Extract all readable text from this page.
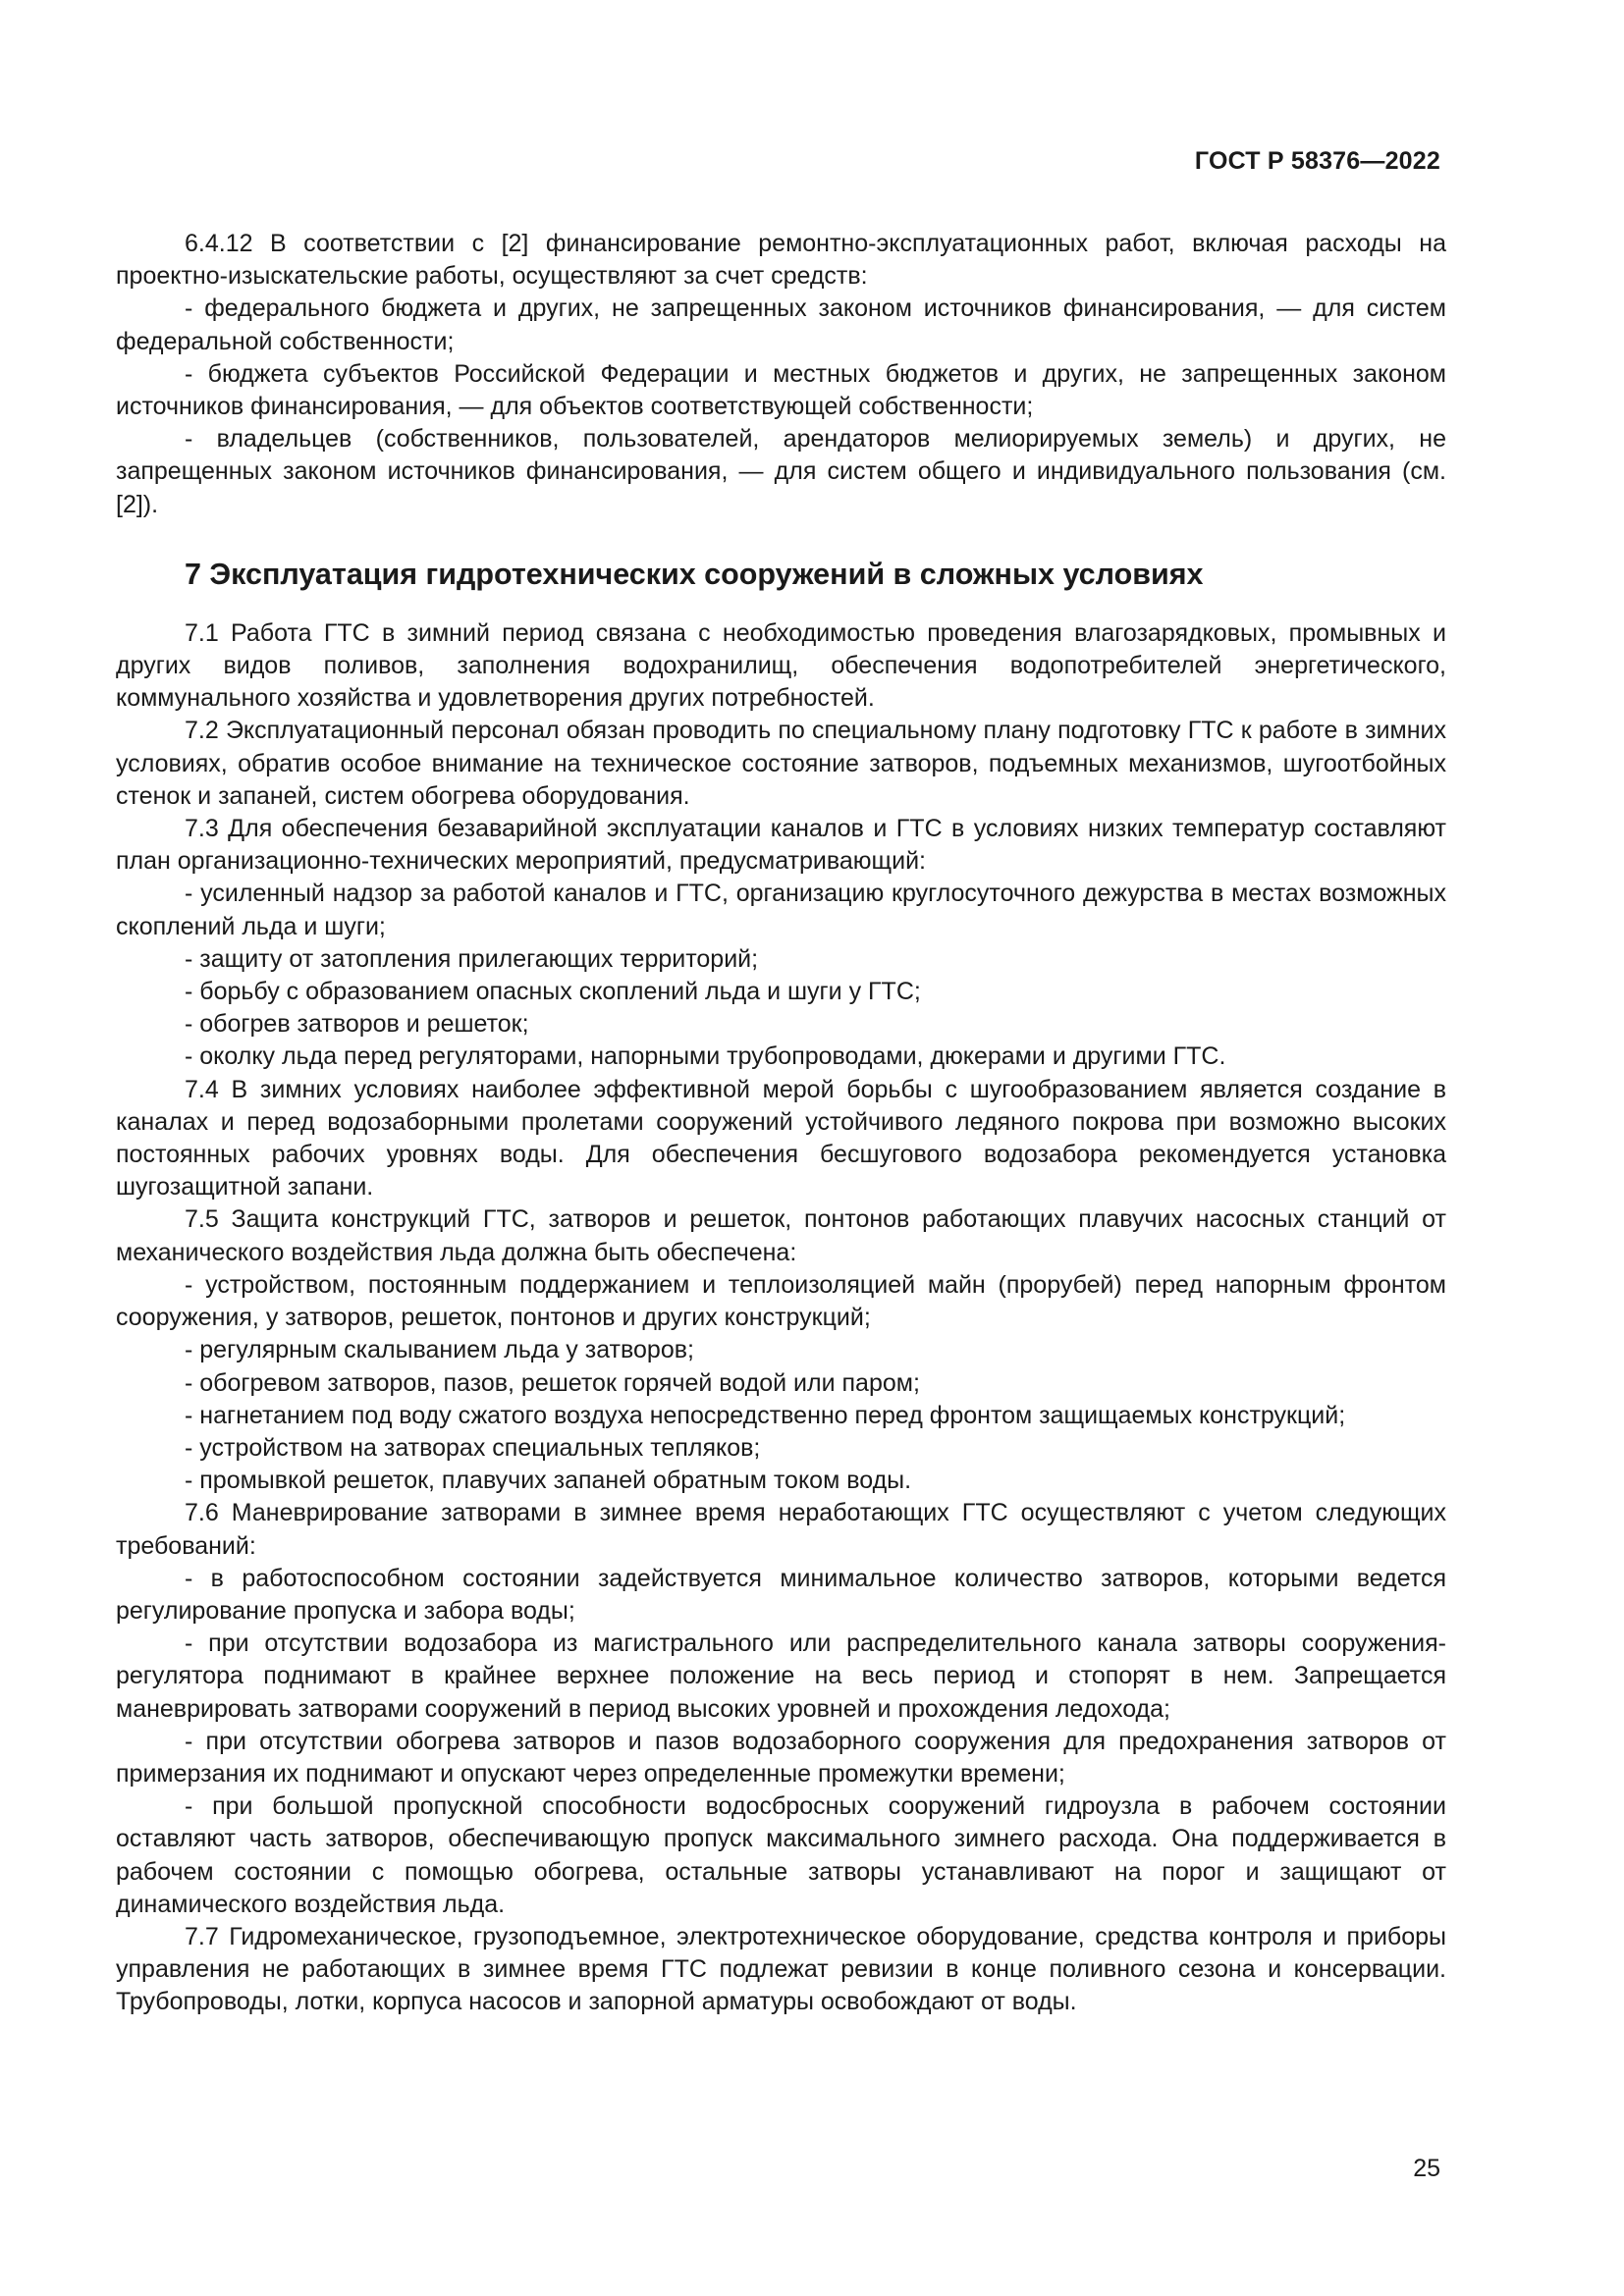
ГОСТ Р 58376—2022

6.4.12 В соответствии с [2] финансирование ремонтно-эксплуатационных работ, включая расходы на проектно-изыскательские работы, осуществляют за счет средств:

- федерального бюджета и других, не запрещенных законом источников финансирования, — для систем федеральной собственности;

- бюджета субъектов Российской Федерации и местных бюджетов и других, не запрещенных законом источников финансирования, — для объектов соответствующей собственности;

- владельцев (собственников, пользователей, арендаторов мелиорируемых земель) и других, не запрещенных законом источников финансирования, — для систем общего и индивидуального пользования (см. [2]).

7 Эксплуатация гидротехнических сооружений в сложных условиях

7.1 Работа ГТС в зимний период связана с необходимостью проведения влагозарядковых, промывных и других видов поливов, заполнения водохранилищ, обеспечения водопотребителей энергетического, коммунального хозяйства и удовлетворения других потребностей.

7.2 Эксплуатационный персонал обязан проводить по специальному плану подготовку ГТС к работе в зимних условиях, обратив особое внимание на техническое состояние затворов, подъемных механизмов, шугоотбойных стенок и запаней, систем обогрева оборудования.

7.3 Для обеспечения безаварийной эксплуатации каналов и ГТС в условиях низких температур составляют план организационно-технических мероприятий, предусматривающий:

- усиленный надзор за работой каналов и ГТС, организацию круглосуточного дежурства в местах возможных скоплений льда и шуги;

- защиту от затопления прилегающих территорий;

- борьбу с образованием опасных скоплений льда и шуги у ГТС;

- обогрев затворов и решеток;

- околку льда перед регуляторами, напорными трубопроводами, дюкерами и другими ГТС.

7.4 В зимних условиях наиболее эффективной мерой борьбы с шугообразованием является создание в каналах и перед водозаборными пролетами сооружений устойчивого ледяного покрова при возможно высоких постоянных рабочих уровнях воды. Для обеспечения бесшугового водозабора рекомендуется установка шугозащитной запани.

7.5 Защита конструкций ГТС, затворов и решеток, понтонов работающих плавучих насосных станций от механического воздействия льда должна быть обеспечена:

- устройством, постоянным поддержанием и теплоизоляцией майн (прорубей) перед напорным фронтом сооружения, у затворов, решеток, понтонов и других конструкций;

- регулярным скалыванием льда у затворов;

- обогревом затворов, пазов, решеток горячей водой или паром;

- нагнетанием под воду сжатого воздуха непосредственно перед фронтом защищаемых конструкций;

- устройством на затворах специальных тепляков;

- промывкой решеток, плавучих запаней обратным током воды.

7.6 Маневрирование затворами в зимнее время неработающих ГТС осуществляют с учетом следующих требований:

- в работоспособном состоянии задействуется минимальное количество затворов, которыми ведется регулирование пропуска и забора воды;

- при отсутствии водозабора из магистрального или распределительного канала затворы сооружения-регулятора поднимают в крайнее верхнее положение на весь период и стопорят в нем. Запрещается маневрировать затворами сооружений в период высоких уровней и прохождения ледохода;

- при отсутствии обогрева затворов и пазов водозаборного сооружения для предохранения затворов от примерзания их поднимают и опускают через определенные промежутки времени;

- при большой пропускной способности водосбросных сооружений гидроузла в рабочем состоянии оставляют часть затворов, обеспечивающую пропуск максимального зимнего расхода. Она поддерживается в рабочем состоянии с помощью обогрева, остальные затворы устанавливают на порог и защищают от динамического воздействия льда.

7.7 Гидромеханическое, грузоподъемное, электротехническое оборудование, средства контроля и приборы управления не работающих в зимнее время ГТС подлежат ревизии в конце поливного сезона и консервации. Трубопроводы, лотки, корпуса насосов и запорной арматуры освобождают от воды.

25
